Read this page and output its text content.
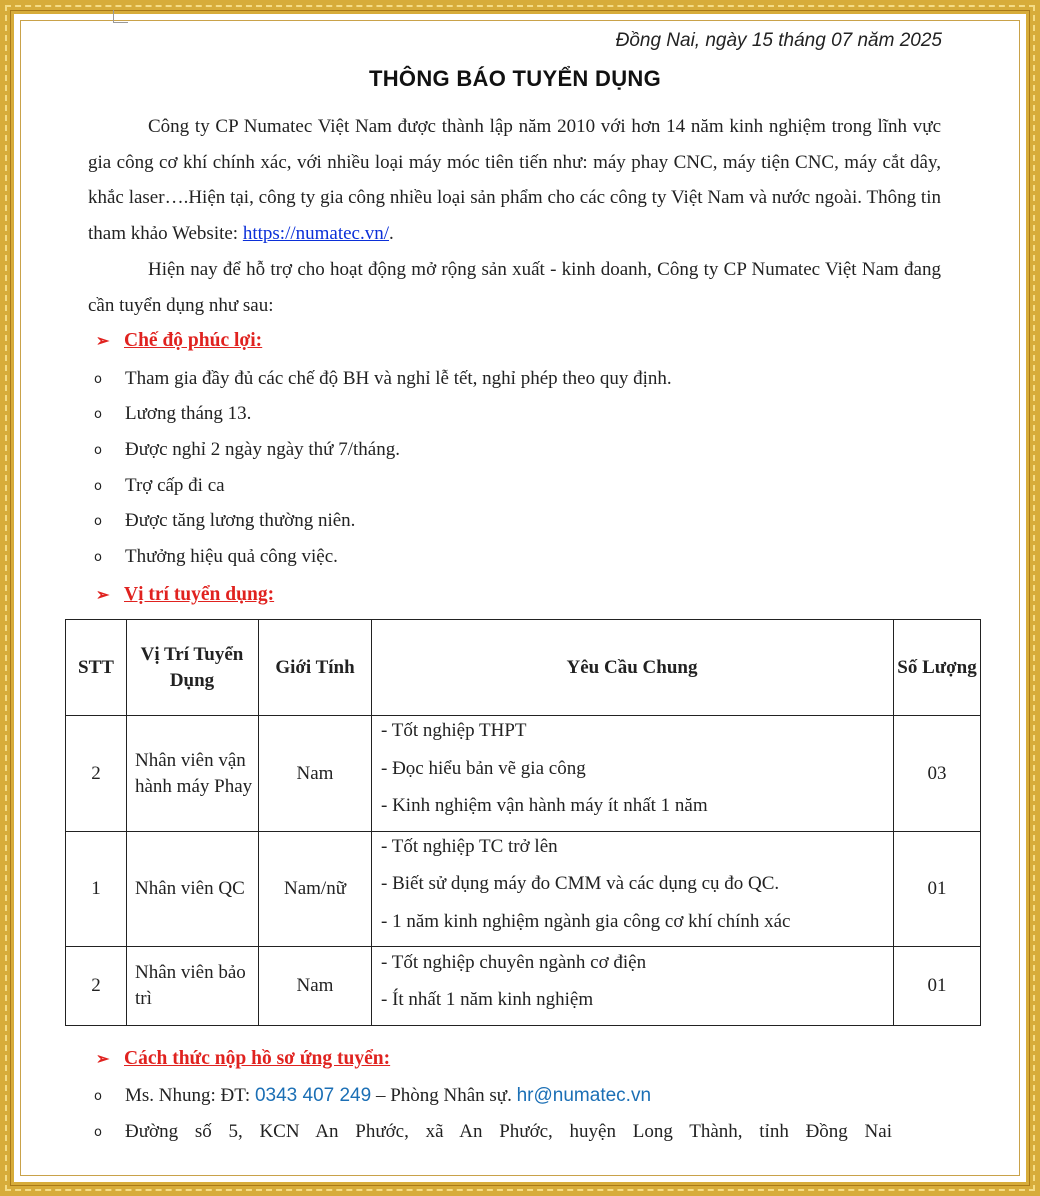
Đồng Nai, ngày 15 tháng 07 năm 2025
THÔNG BÁO TUYỂN DỤNG
Công ty CP Numatec Việt Nam được thành lập năm 2010 với hơn 14 năm kinh nghiệm trong lĩnh vực gia công cơ khí chính xác, với nhiều loại máy móc tiên tiến như: máy phay CNC, máy tiện CNC, máy cắt dây, khắc laser….Hiện tại, công ty gia công nhiều loại sản phẩm cho các công ty Việt Nam và nước ngoài. Thông tin tham khảo Website: https://numatec.vn/.
Hiện nay để hỗ trợ cho hoạt động mở rộng sản xuất - kinh doanh, Công ty CP Numatec Việt Nam đang cần tuyển dụng như sau:
➢ Chế độ phúc lợi:
o Tham gia đầy đủ các chế độ BH và nghỉ lễ tết, nghỉ phép theo quy định.
o Lương tháng 13.
o Được nghỉ 2 ngày ngày thứ 7/tháng.
o Trợ cấp đi ca
o Được tăng lương thường niên.
o Thưởng hiệu quả công việc.
➢ Vị trí tuyển dụng:
STT	Vị Trí Tuyển Dụng	Giới Tính	Yêu Cầu Chung	Số Lượng
2	Nhân viên vận hành máy Phay	Nam	- Tốt nghiệp THPT
- Đọc hiểu bản vẽ gia công
- Kinh nghiệm vận hành máy ít nhất 1 năm	03
1	Nhân viên QC	Nam/nữ	- Tốt nghiệp TC trở lên
- Biết sử dụng máy đo CMM và các dụng cụ đo QC.
- 1 năm kinh nghiệm ngành gia công cơ khí chính xác	01
2	Nhân viên bảo trì	Nam	- Tốt nghiệp chuyên ngành cơ điện
- Ít nhất 1 năm kinh nghiệm	01
➢ Cách thức nộp hồ sơ ứng tuyển:
o Ms. Nhung: ĐT: 0343 407 249 – Phòng Nhân sự. hr@numatec.vn
o Đường số 5, KCN An Phước, xã An Phước, huyện Long Thành, tỉnh Đồng Nai
